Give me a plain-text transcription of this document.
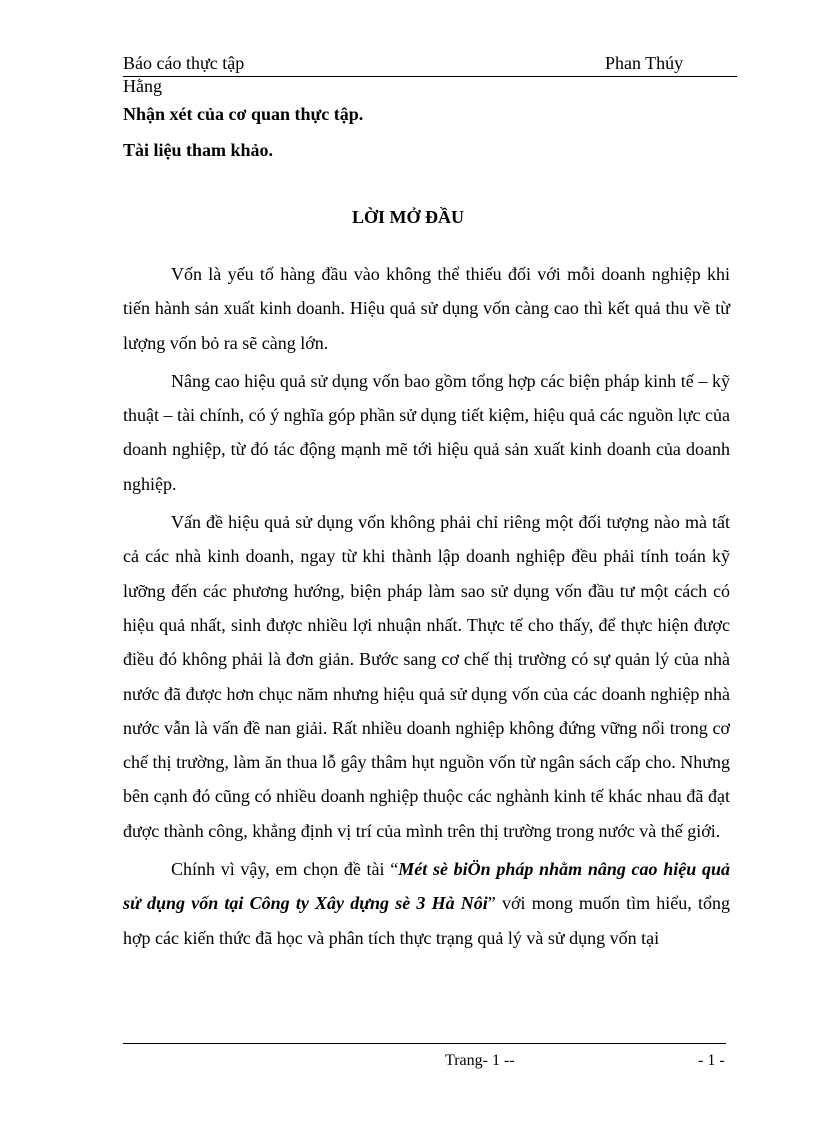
Báo cáo thực tập	Phan Thúy
Hằng
Nhận xét của cơ quan thực tập.
Tài liệu tham khảo.
LỜI MỞ ĐẦU

Vốn là yếu tố hàng đầu vào không thể thiếu đối với mỗi doanh nghiệp khi tiến hành sản xuất kinh doanh. Hiệu quả sử dụng vốn càng cao thì kết quả thu về từ lượng vốn bỏ ra sẽ càng lớn.

Nâng cao hiệu quả sử dụng vốn bao gồm tổng hợp các biện pháp kinh tế – kỹ thuật – tài chính, có ý nghĩa góp phần sử dụng tiết kiệm, hiệu quả các nguồn lực của doanh nghiệp, từ đó tác động mạnh mẽ tới hiệu quả sản xuất kinh doanh của doanh nghiệp.

Vấn đề hiệu quả sử dụng vốn không phải chỉ riêng một đối tượng nào mà tất cả các nhà kinh doanh, ngay từ khi thành lập doanh nghiệp đều phải tính toán kỹ lưỡng đến các phương hướng, biện pháp làm sao sử dụng vốn đầu tư một cách có hiệu quả nhất, sinh được nhiều lợi nhuận nhất. Thực tế cho thấy, để thực hiện được điều đó không phải là đơn giản. Bước sang cơ chế thị trường có sự quản lý của nhà nước đã được hơn chục năm nhưng hiệu quả sử dụng vốn của các doanh nghiệp nhà nước vẫn là vấn đề nan giải. Rất nhiều doanh nghiệp không đứng vững nổi trong cơ chế thị trường, làm ăn thua lỗ gây thâm hụt nguồn vốn từ ngân sách cấp cho. Nhưng bên cạnh đó cũng có nhiều doanh nghiệp thuộc các nghành kinh tế khác nhau đã đạt được thành công, khẳng định vị trí của mình trên thị trường trong nước và thế giới.

Chính vì vậy, em chọn đề tài “Mét sè biÖn pháp nhằm nâng cao hiệu quả sử dụng vốn tại Công ty Xây dựng sè 3 Hà Nôi” với mong muốn tìm hiểu, tổng hợp các kiến thức đã học và phân tích thực trạng quả lý và sử dụng vốn tại

Trang- 1 --	- 1 -
